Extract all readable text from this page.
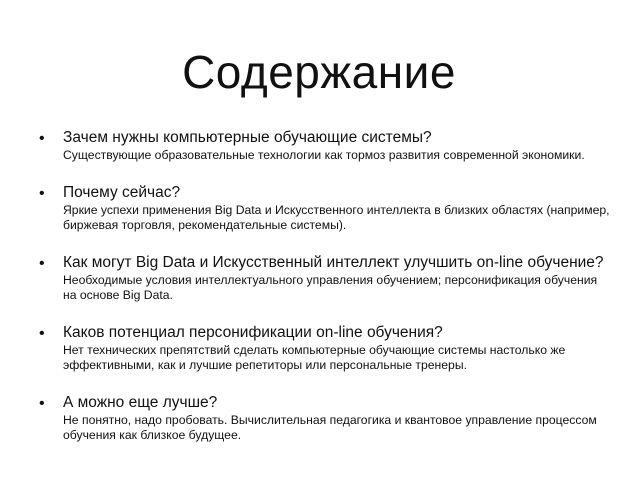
Содержание
• Зачем нужны компьютерные обучающие системы?
Существующие образовательные технологии как тормоз развития современной экономики.
• Почему сейчас?
Яркие успехи применения Big Data и Искусственного интеллекта в близких областях (например, биржевая торговля, рекомендательные системы).
• Как могут Big Data и Искусственный интеллект улучшить on-line обучение?
Необходимые условия интеллектуального управления обучением; персонификация обучения на основе Big Data.
• Каков потенциал персонификации on-line обучения?
Нет технических препятствий сделать компьютерные обучающие системы настолько же эффективными, как и лучшие репетиторы или персональные тренеры.
• А можно еще лучше?
Не понятно, надо пробовать. Вычислительная педагогика и квантовое управление процессом обучения как близкое будущее.
